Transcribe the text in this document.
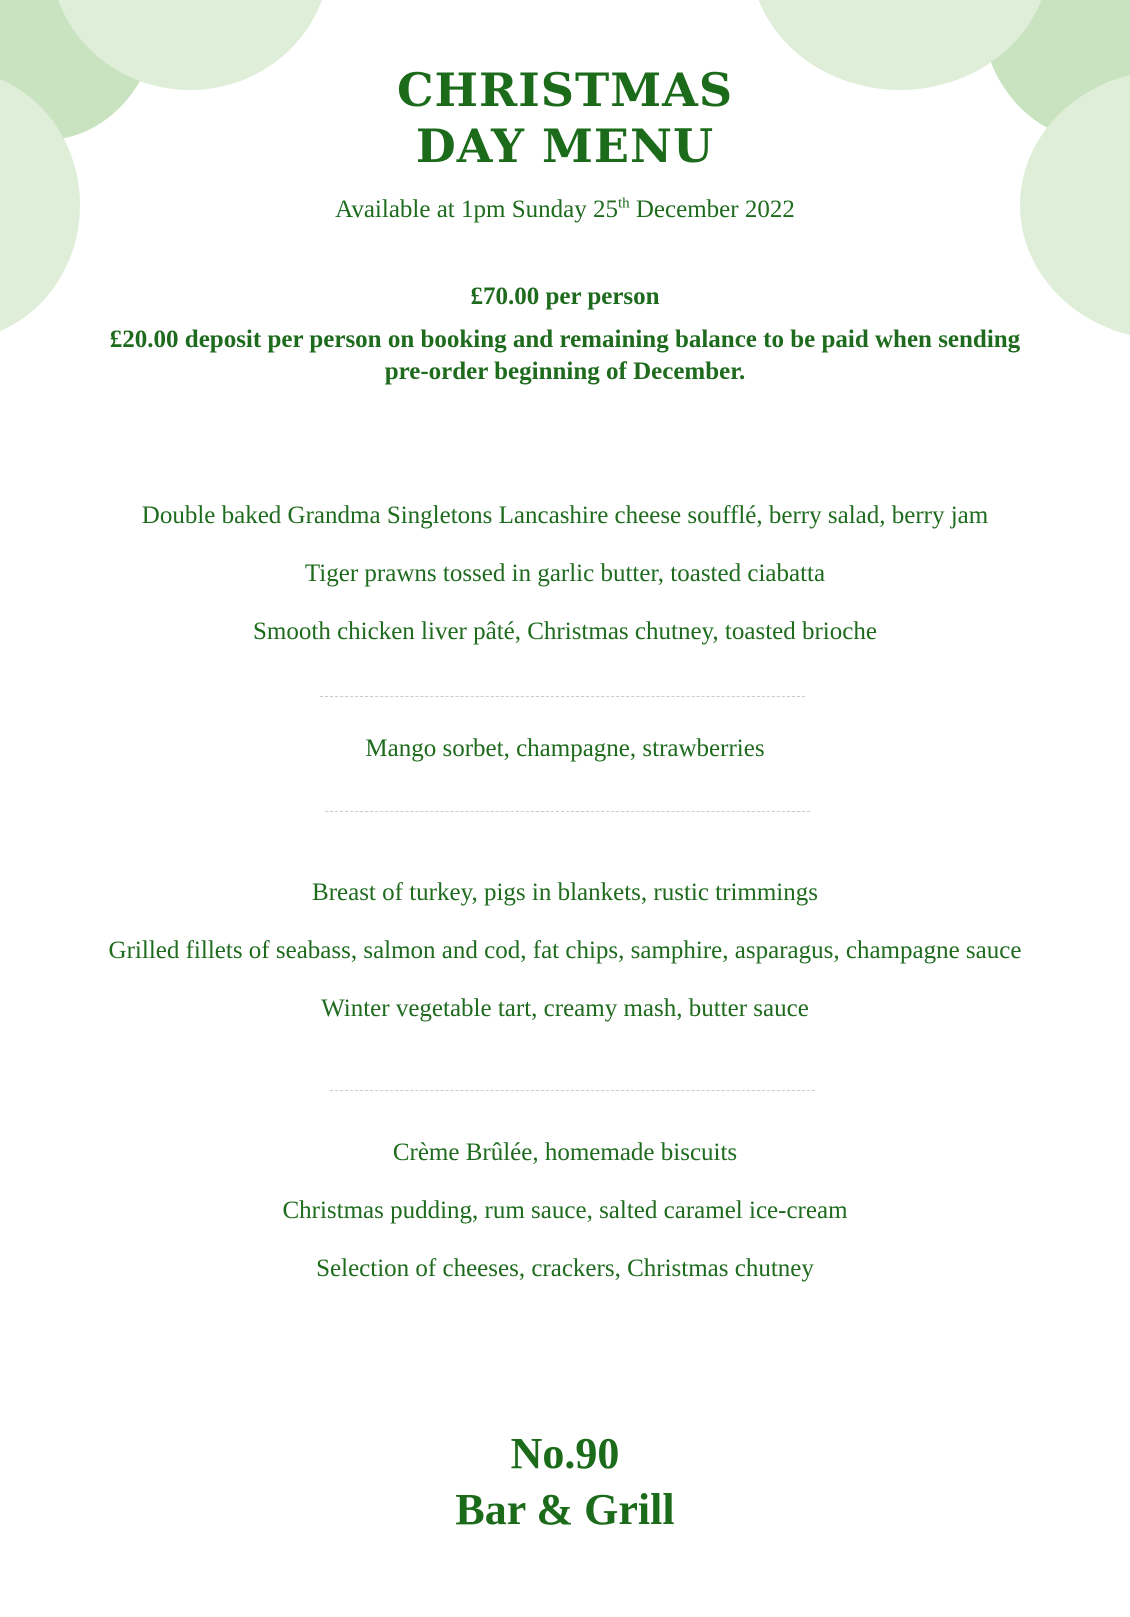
CHRISTMAS
DAY MENU
Available at 1pm Sunday 25th December 2022
£70.00 per person
£20.00 deposit per person on booking and remaining balance to be paid when sending pre-order beginning of December.
Double baked Grandma Singletons Lancashire cheese soufflé, berry salad, berry jam
Tiger prawns tossed in garlic butter, toasted ciabatta
Smooth chicken liver pâté, Christmas chutney, toasted brioche
Mango sorbet, champagne, strawberries
Breast of turkey, pigs in blankets, rustic trimmings
Grilled fillets of seabass, salmon and cod, fat chips, samphire, asparagus, champagne sauce
Winter vegetable tart, creamy mash, butter sauce
Crème Brûlée, homemade biscuits
Christmas pudding, rum sauce, salted caramel ice-cream
Selection of cheeses, crackers, Christmas chutney
No.90
Bar & Grill
